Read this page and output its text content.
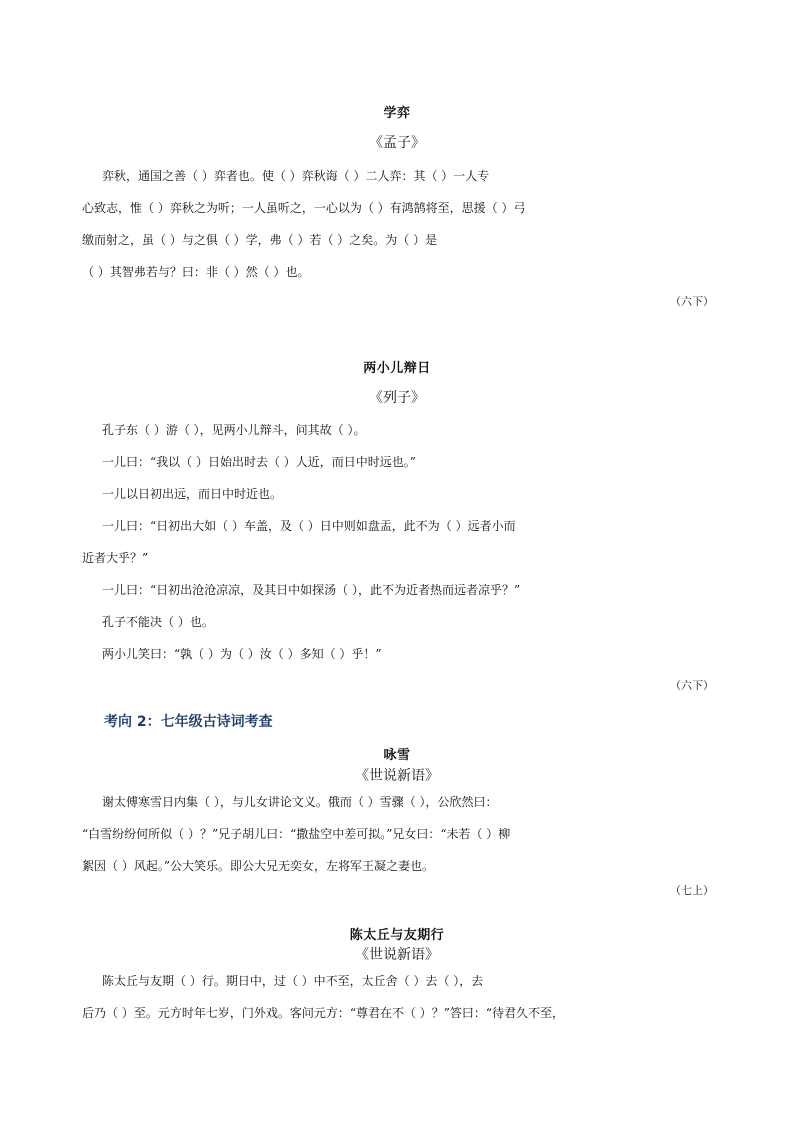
学弈
《孟子》
弈秋，通国之善（ ）弈者也。使（ ）弈秋诲（ ）二人弈：其（ ）一人专
心致志，惟（ ）弈秋之为听；一人虽听之，一心以为（ ）有鸿鹄将至，思援（ ）弓
缴而射之，虽（ ）与之俱（ ）学，弗（ ）若（ ）之矣。为（ ）是
（ ）其智弗若与？曰：非（ ）然（ ）也。
（六下）
两小儿辩日
《列子》
孔子东（ ）游（ ），见两小儿辩斗，问其故（ ）。
一儿曰：“我以（ ）日始出时去（ ）人近，而日中时远也。”
一儿以日初出远，而日中时近也。
一儿曰：“日初出大如（ ）车盖，及（ ）日中则如盘盂，此不为（ ）远者小而
近者大乎？”
一儿曰：“日初出沧沧凉凉，及其日中如探汤（ ），此不为近者热而远者凉乎？”
孔子不能决（ ）也。
两小儿笑曰：“孰（ ）为（ ）汝（ ）多知（ ）乎！”
（六下）
考向 2：七年级古诗词考查
咏雪
《世说新语》
谢太傅寒雪日内集（ ），与儿女讲论文义。俄而（ ）雪骤（ ），公欣然曰：
“白雪纷纷何所似（ ）？”兄子胡儿曰：“撒盐空中差可拟。”兄女曰：“未若（ ）柳
絮因（ ）风起。”公大笑乐。即公大兄无奕女，左将军王凝之妻也。
（七上）
陈太丘与友期行
《世说新语》
陈太丘与友期（ ）行。期日中，过（ ）中不至，太丘舍（ ）去（ ），去
后乃（ ）至。元方时年七岁，门外戏。客问元方：“尊君在不（ ）？”答曰：“待君久不至，
